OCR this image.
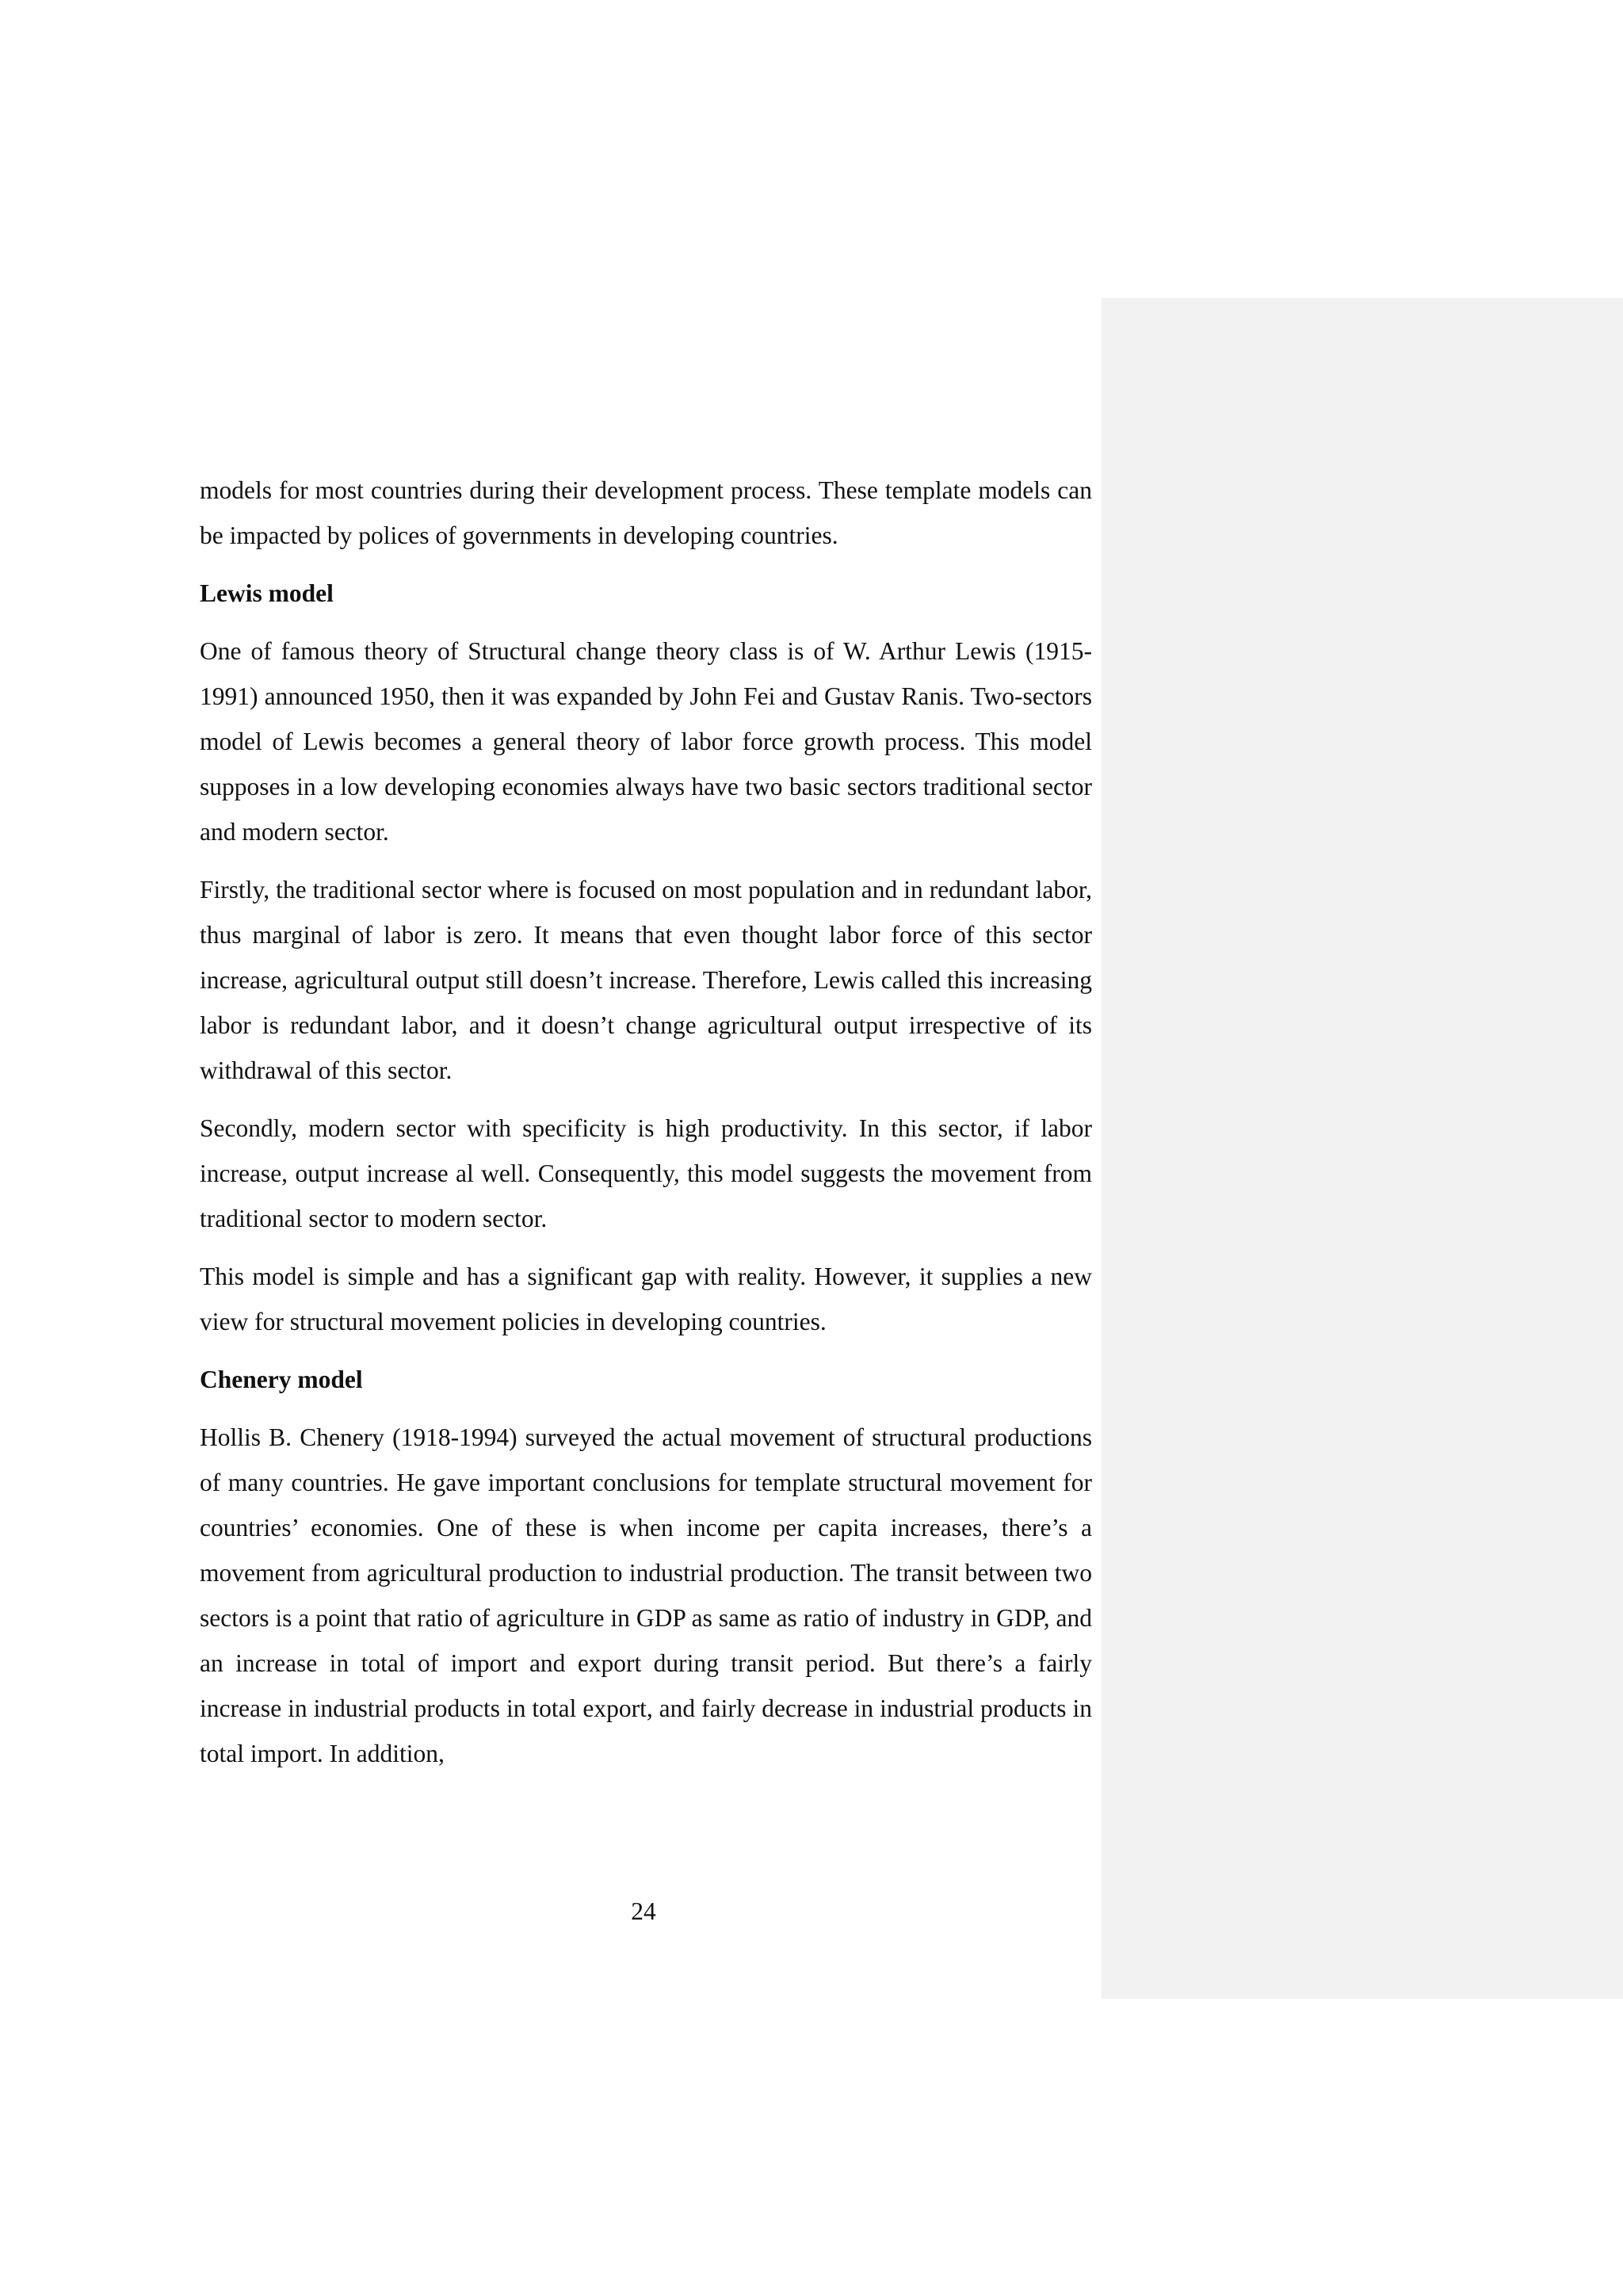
models for most countries during their development process. These template models can be impacted by polices of governments in developing countries.

Lewis model

One of famous theory of Structural change theory class is of W. Arthur Lewis (1915-1991) announced 1950, then it was expanded by John Fei and Gustav Ranis. Two-sectors model of Lewis becomes a general theory of labor force growth process. This model supposes in a low developing economies always have two basic sectors traditional sector and modern sector.

Firstly, the traditional sector where is focused on most population and in redundant labor, thus marginal of labor is zero. It means that even thought labor force of this sector increase, agricultural output still doesn’t increase. Therefore, Lewis called this increasing labor is redundant labor, and it doesn’t change agricultural output irrespective of its withdrawal of this sector.

Secondly, modern sector with specificity is high productivity. In this sector, if labor increase, output increase al well. Consequently, this model suggests the movement from traditional sector to modern sector.

This model is simple and has a significant gap with reality. However, it supplies a new view for structural movement policies in developing countries.

Chenery model

Hollis B. Chenery (1918-1994) surveyed the actual movement of structural productions of many countries. He gave important conclusions for template structural movement for countries’ economies. One of these is when income per capita increases, there’s a movement from agricultural production to industrial production. The transit between two sectors is a point that ratio of agriculture in GDP as same as ratio of industry in GDP, and an increase in total of import and export during transit period. But there’s a fairly increase in industrial products in total export, and fairly decrease in industrial products in total import. In addition,

24
